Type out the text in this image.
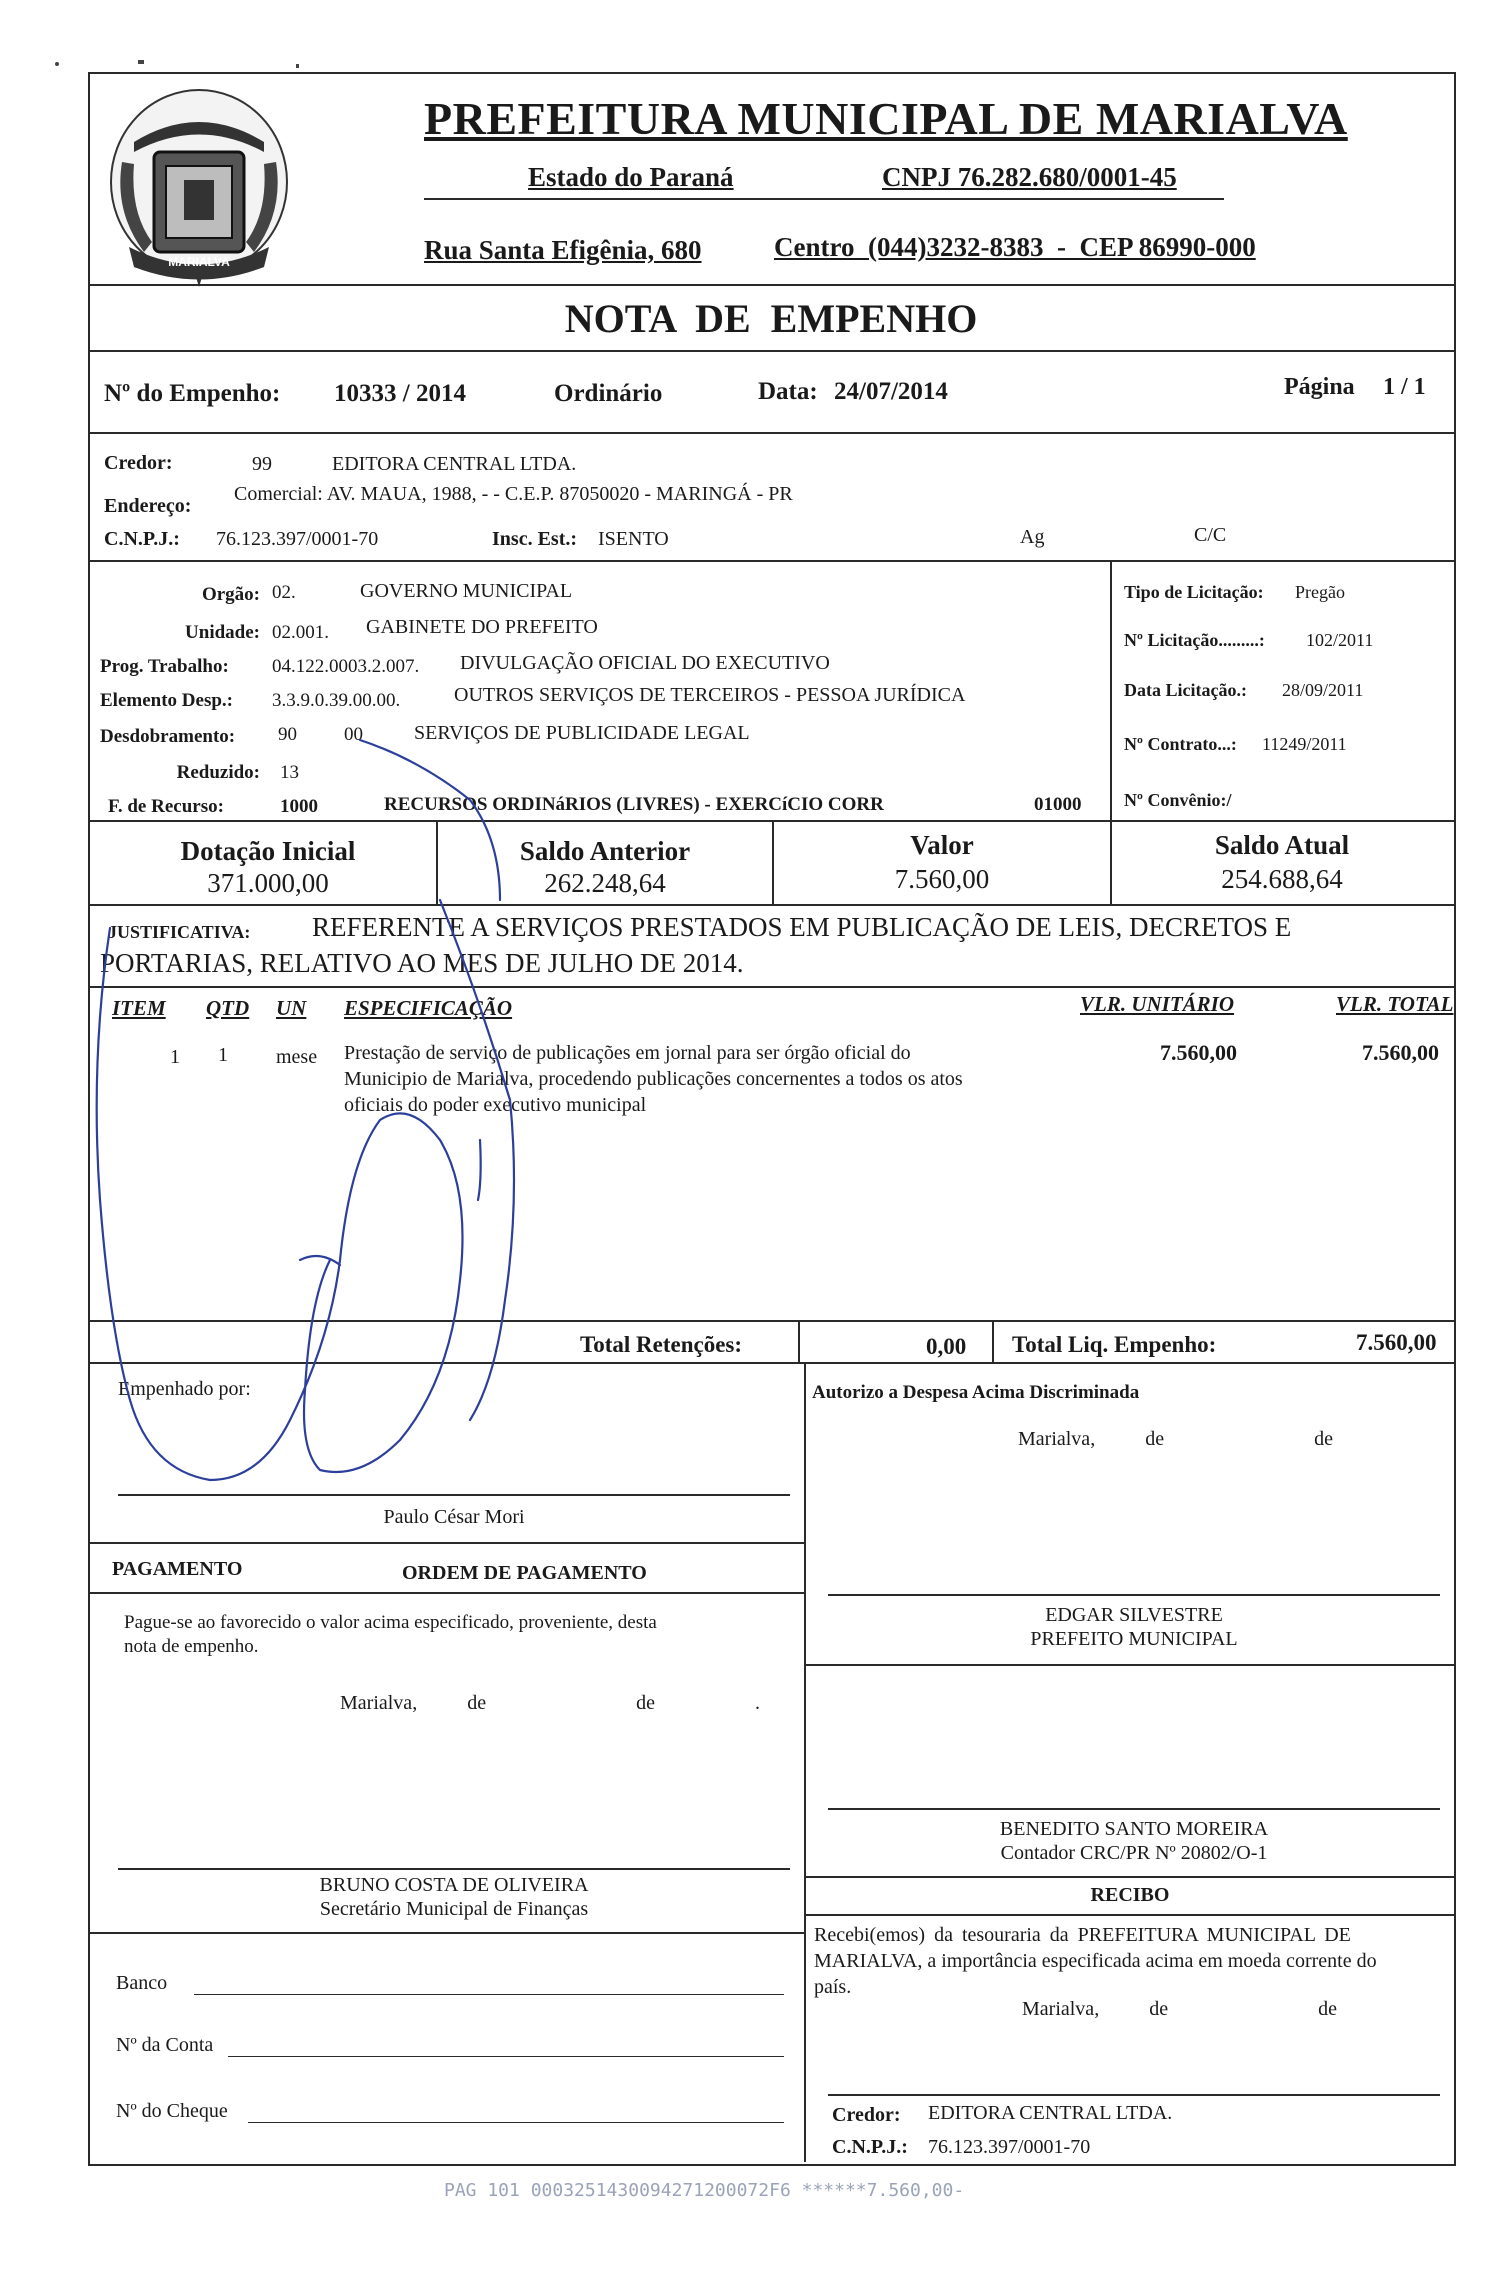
MARIALVA
PREFEITURA MUNICIPAL DE MARIALVA
Estado do Paraná	CNPJ 76.282.680/0001-45
Rua Santa Efigênia, 680	Centro  (044)3232-8383  -  CEP 86990-000
NOTA  DE  EMPENHO
Nº do Empenho: 10333 / 2014	Ordinário	Data: 24/07/2014	Página 1 / 1
Credor:	99	EDITORA CENTRAL LTDA.
Endereço:
Comercial: AV. MAUA, 1988, - - C.E.P. 87050020 - MARINGÁ - PR
C.N.P.J.: 76.123.397/0001-70	Insc. Est.: ISENTO	Ag	C/C
Orgão: 02.	GOVERNO MUNICIPAL
Unidade: 02.001. GABINETE DO PREFEITO
Prog. Trabalho: 04.122.0003.2.007. DIVULGAÇÃO OFICIAL DO EXECUTIVO
Elemento Desp.: 3.3.9.0.39.00.00.	OUTROS SERVIÇOS DE TERCEIROS - PESSOA JURÍDICA
Desdobramento: 90 00	SERVIÇOS DE PUBLICIDADE LEGAL
Reduzido: 13
F. de Recurso:	1000	RECURSOS ORDINáRIOS (LIVRES) - EXERCíCIO CORR	01000
Tipo de Licitação: Pregão
Nº Licitação.........: 102/2011
Data Licitação.: 28/09/2011
Nº Contrato...: 11249/2011
Nº Convênio:/
Dotação Inicial
371.000,00
Saldo Anterior
262.248,64
Valor
7.560,00
Saldo Atual
254.688,64
JUSTIFICATIVA: REFERENTE A SERVIÇOS PRESTADOS EM PUBLICAÇÃO DE LEIS, DECRETOS E
PORTARIAS, RELATIVO AO MES DE JULHO DE 2014.
ITEM QTD UN ESPECIFICAÇÃO	VLR. UNITÁRIO	VLR. TOTAL
1 1 mese Prestação de serviço de publicações em jornal para ser órgão oficial do
Municipio de Marialva, procedendo publicações concernentes a todos os atos
oficiais do poder executivo municipal
7.560,00	7.560,00
Total Retenções:	0,00 Total Liq. Empenho:	7.560,00
Empenhado por:
Paulo César Mori
PAGAMENTO	ORDEM DE PAGAMENTO
Pague-se ao favorecido o valor acima especificado, proveniente, desta
nota de empenho.
Marialva,          de                              de                    .
BRUNO COSTA DE OLIVEIRA
Secretário Municipal de Finanças
Banco
Nº da Conta
Nº do Cheque
Autorizo a Despesa Acima Discriminada
Marialva,          de                              de
EDGAR SILVESTRE
PREFEITO MUNICIPAL
BENEDITO SANTO MOREIRA
Contador CRC/PR Nº 20802/O-1
RECIBO
Recebi(emos) da tesouraria da PREFEITURA MUNICIPAL DE
MARIALVA, a importância especificada acima em moeda corrente do
país.
Marialva,          de                              de
Credor: EDITORA CENTRAL LTDA.
C.N.P.J.: 76.123.397/0001-70
PAG 101 0003251430094271200072F6 ******7.560,00-
